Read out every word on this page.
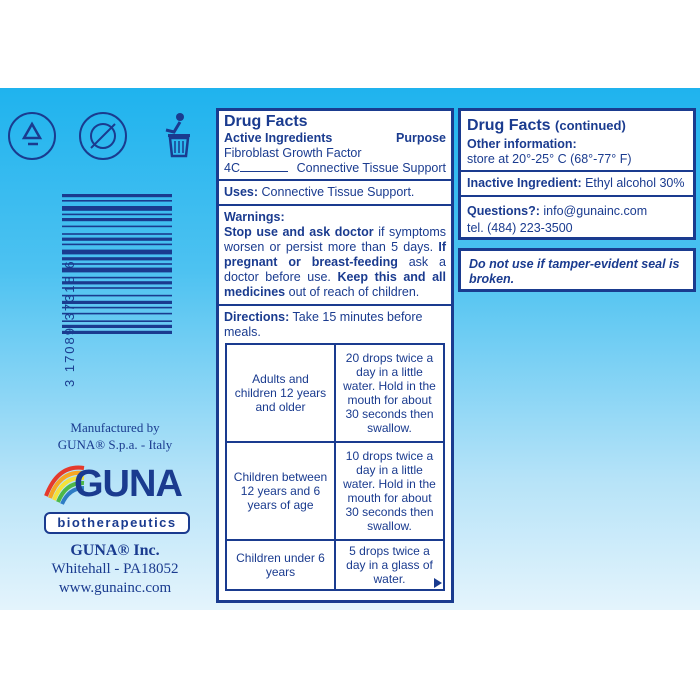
3 17089 37318 6
Manufactured by
GUNA® S.p.a. - Italy
GUNA
biotherapeutics
GUNA® Inc.
Whitehall - PA18052
www.gunainc.com
Drug Facts
Active Ingredients	Purpose
Fibroblast Growth Factor
4C	Connective Tissue Support
Uses: Connective Tissue Support.
Warnings:
Stop use and ask doctor if symptoms worsen or persist more than 5 days. If pregnant or breast-feeding ask a doctor before use. Keep this and all medicines out of reach of children.
Directions: Take 15 minutes before meals.
Adults and children 12 years and older	20 drops twice a day in a little water. Hold in the mouth for about 30 seconds then swallow.
Children between 12 years and 6 years of age	10 drops twice a day in a little water. Hold in the mouth for about 30 seconds then swallow.
Children under 6 years	5 drops twice a day in a glass of water.
Drug Facts (continued)
Other information:
store at 20°-25° C (68°-77° F)
Inactive Ingredient: Ethyl alcohol 30%
Questions?: info@gunainc.com
tel. (484) 223-3500
Do not use if tamper-evident seal is broken.
